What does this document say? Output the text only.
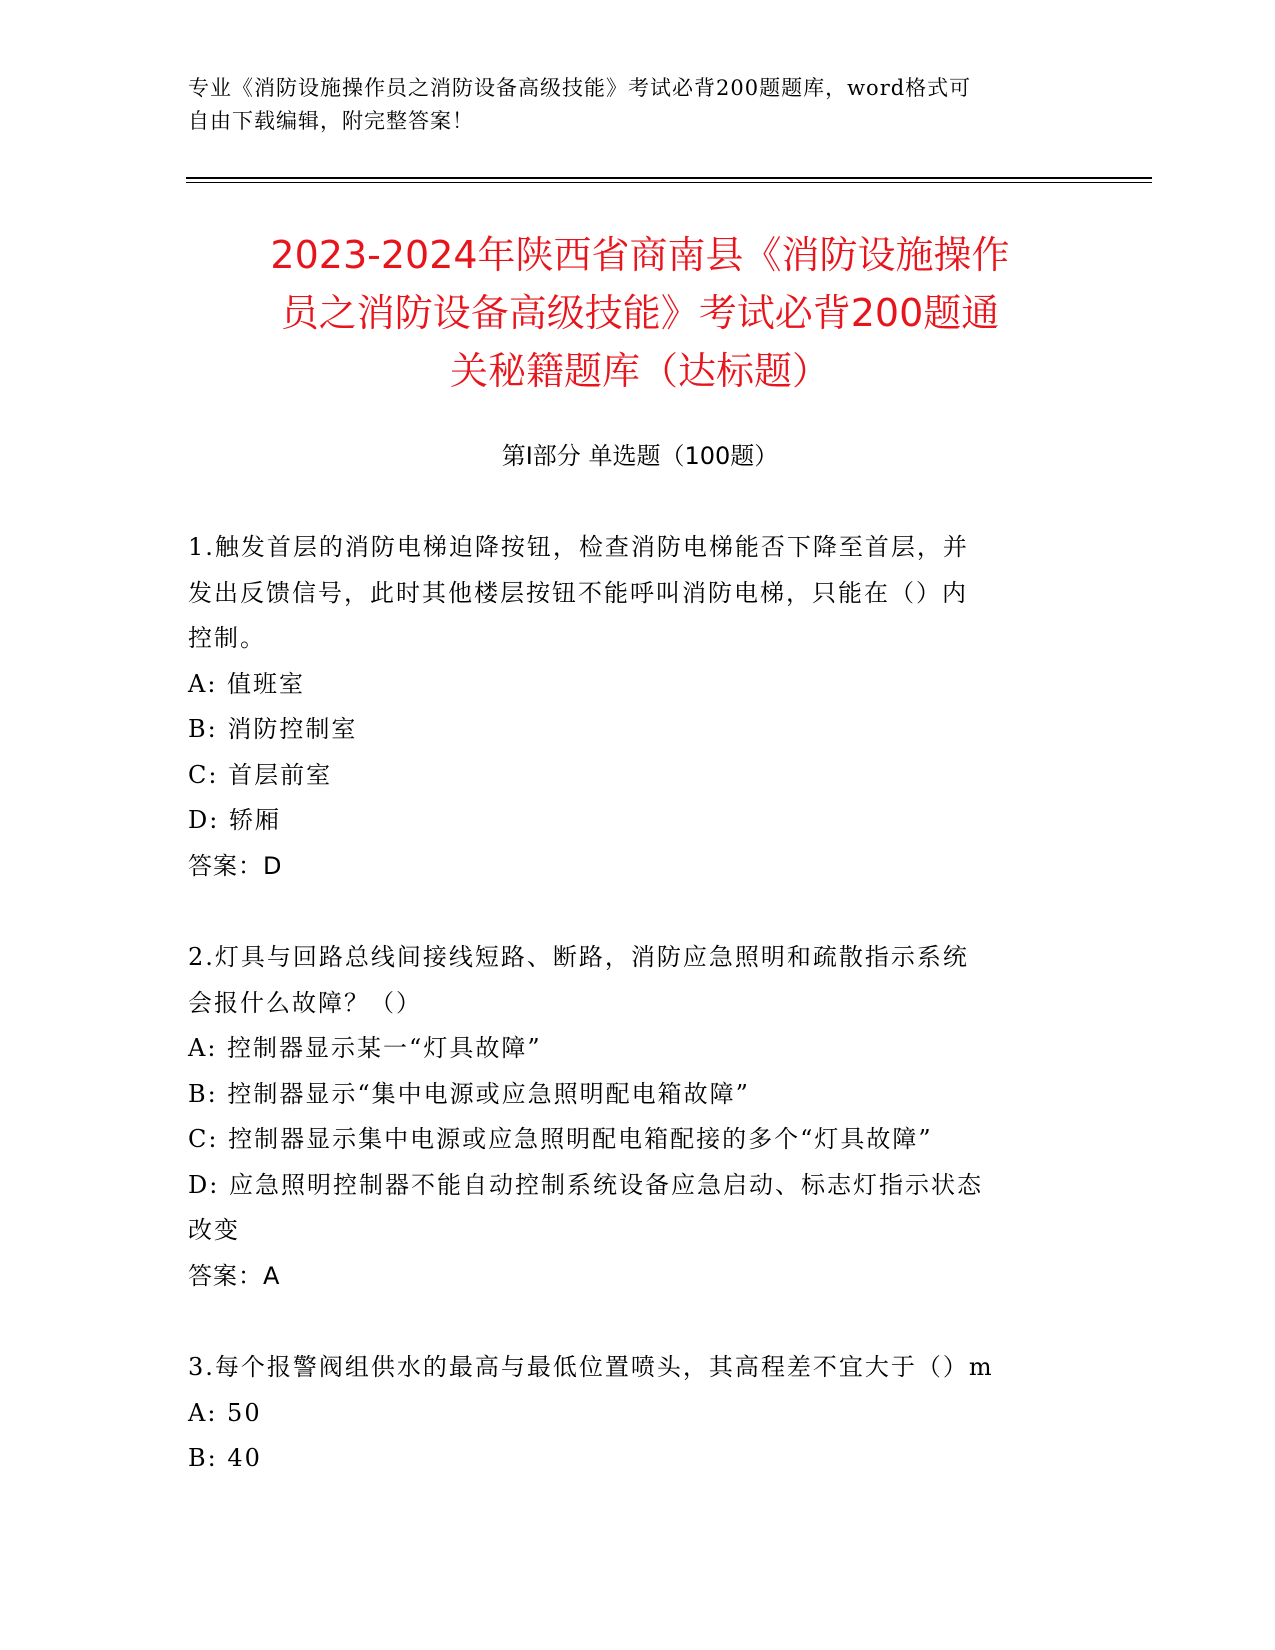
专业《消防设施操作员之消防设备高级技能》考试必背200题题库，word格式可
自由下载编辑，附完整答案！
2023-2024年陕西省商南县《消防设施操作
员之消防设备高级技能》考试必背200题通
关秘籍题库（达标题）
第Ⅰ部分 单选题（100题）
1.触发首层的消防电梯迫降按钮，检查消防电梯能否下降至首层，并
发出反馈信号，此时其他楼层按钮不能呼叫消防电梯，只能在（）内
控制。
A: 值班室
B: 消防控制室
C: 首层前室
D: 轿厢
答案：D
2.灯具与回路总线间接线短路、断路，消防应急照明和疏散指示系统
会报什么故障？（）
A: 控制器显示某一“灯具故障”
B: 控制器显示“集中电源或应急照明配电箱故障”
C: 控制器显示集中电源或应急照明配电箱配接的多个“灯具故障”
D: 应急照明控制器不能自动控制系统设备应急启动、标志灯指示状态
改变
答案：A
3.每个报警阀组供水的最高与最低位置喷头，其高程差不宜大于（）m
A: 50
B: 40
